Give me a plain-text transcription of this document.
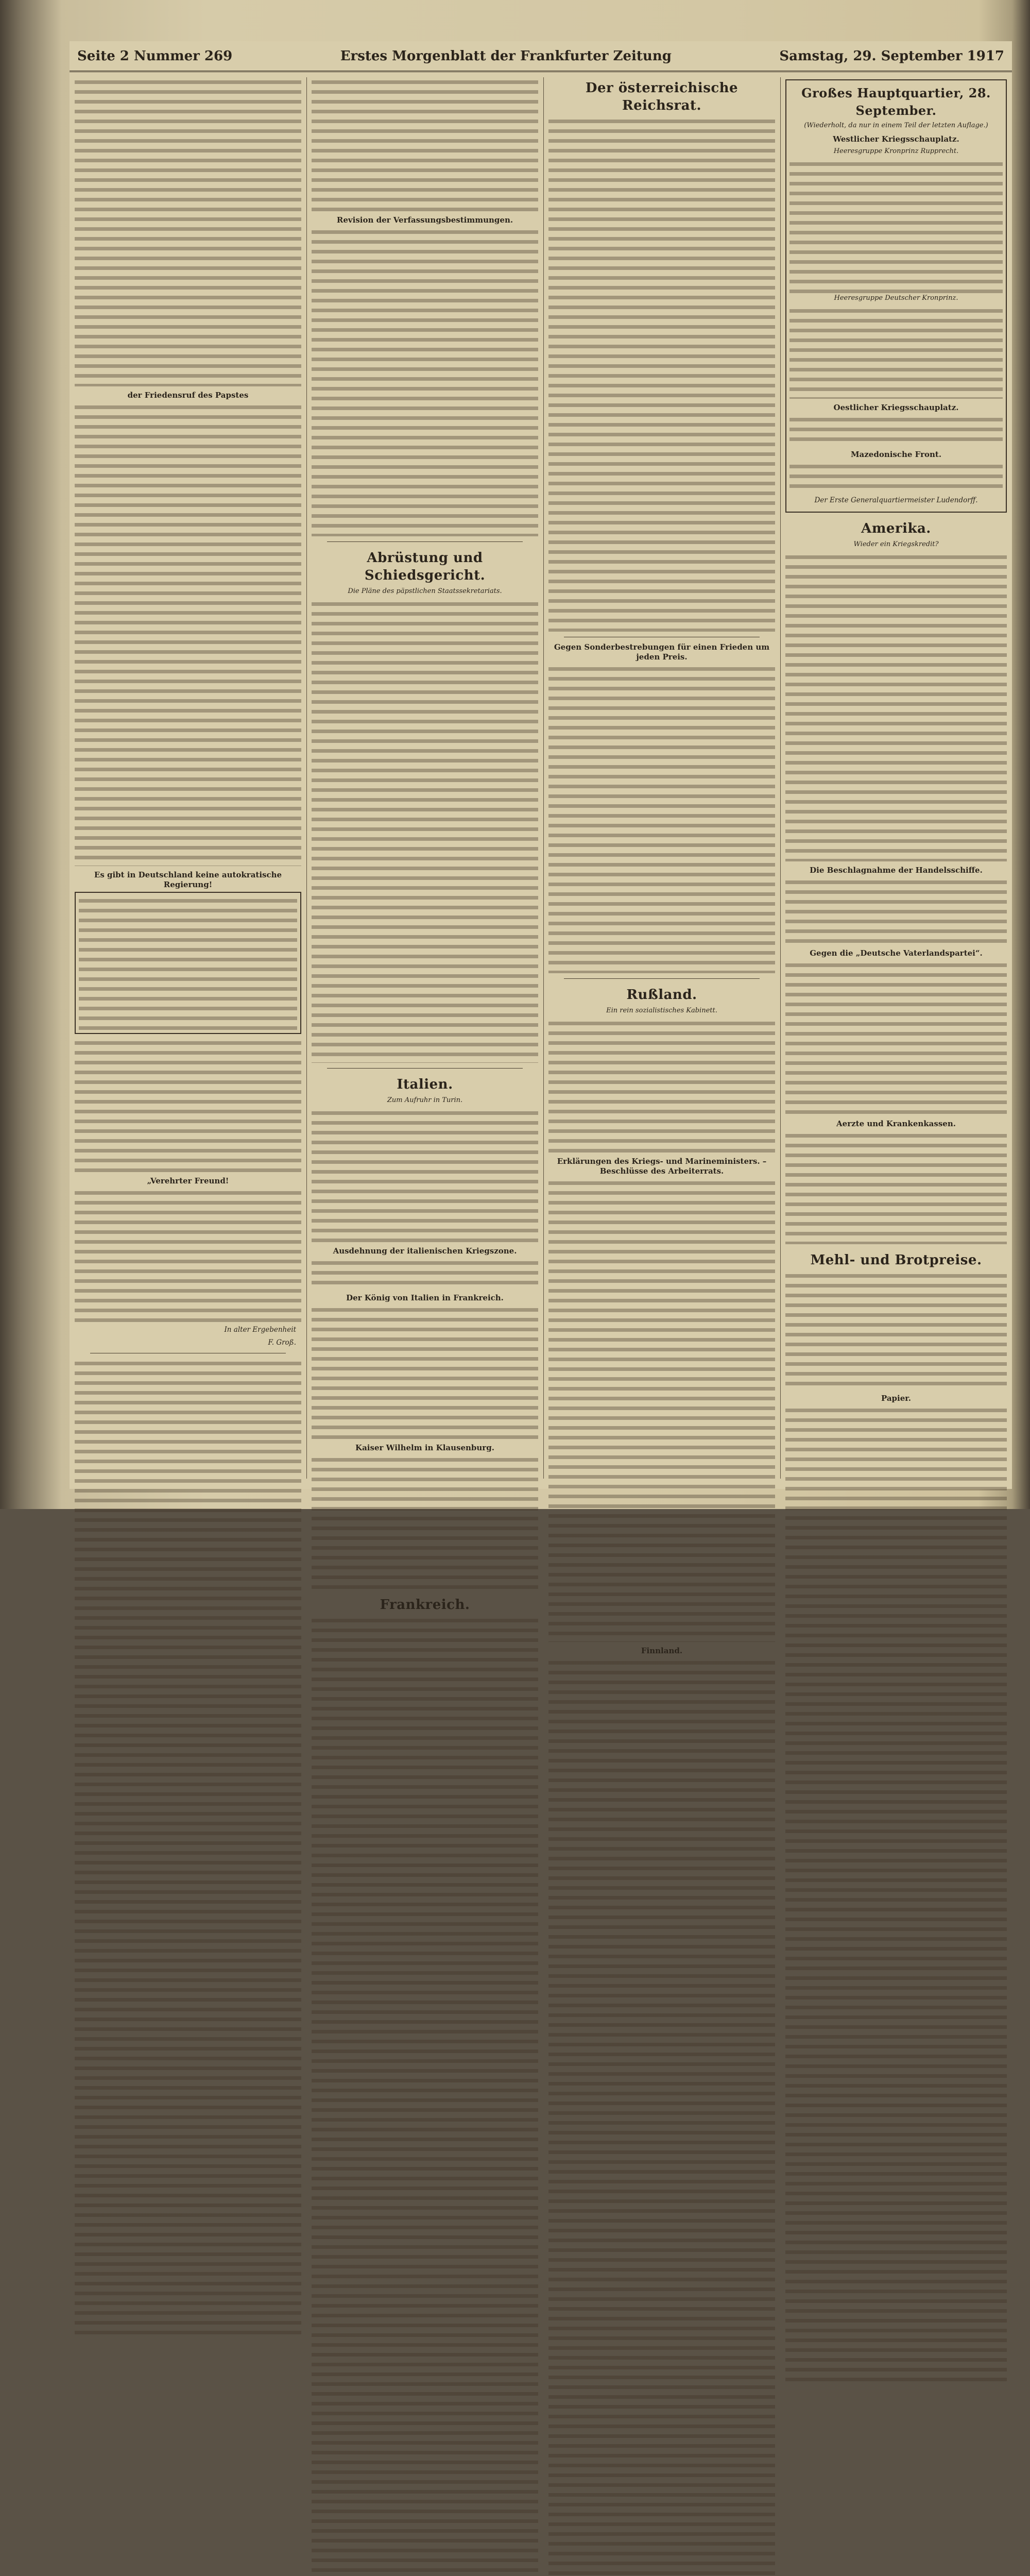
Seite 2 Nummer 269	Erstes Morgenblatt der Frankfurter Zeitung	Samstag, 29. September 1917
der Friedensruf des Papstes
Es gibt in Deutschland keine autokratische Regierung!
„Verehrter Freund!
In alter Ergebenheit
F. Groß.
Revision der Verfassungsbestimmungen.
Abrüstung und Schiedsgericht.
Die Pläne des päpstlichen Staatssekretariats.
Italien.
Zum Aufruhr in Turin.
Ausdehnung der italienischen Kriegszone.
Der König von Italien in Frankreich.
Kaiser Wilhelm in Klausenburg.
Frankreich.
Der österreichische Reichsrat.
Gegen Sonderbestrebungen für einen Frieden um jeden Preis.
Rußland.
Ein rein sozialistisches Kabinett.
Erklärungen des Kriegs- und Marineministers. – Beschlüsse des Arbeiterrats.
Finnland.
Großes Hauptquartier, 28. September.
(Wiederholt, da nur in einem Teil der letzten Auflage.)
Westlicher Kriegsschauplatz.
Heeresgruppe Kronprinz Rupprecht.
Heeresgruppe Deutscher Kronprinz.
Oestlicher Kriegsschauplatz.
Mazedonische Front.
Der Erste Generalquartiermeister Ludendorff.
Amerika.
Wieder ein Kriegskredit?
Die Beschlagnahme der Handelsschiffe.
Gegen die „Deutsche Vaterlandspartei“.
Aerzte und Krankenkassen.
Mehl- und Brotpreise.
Papier.
